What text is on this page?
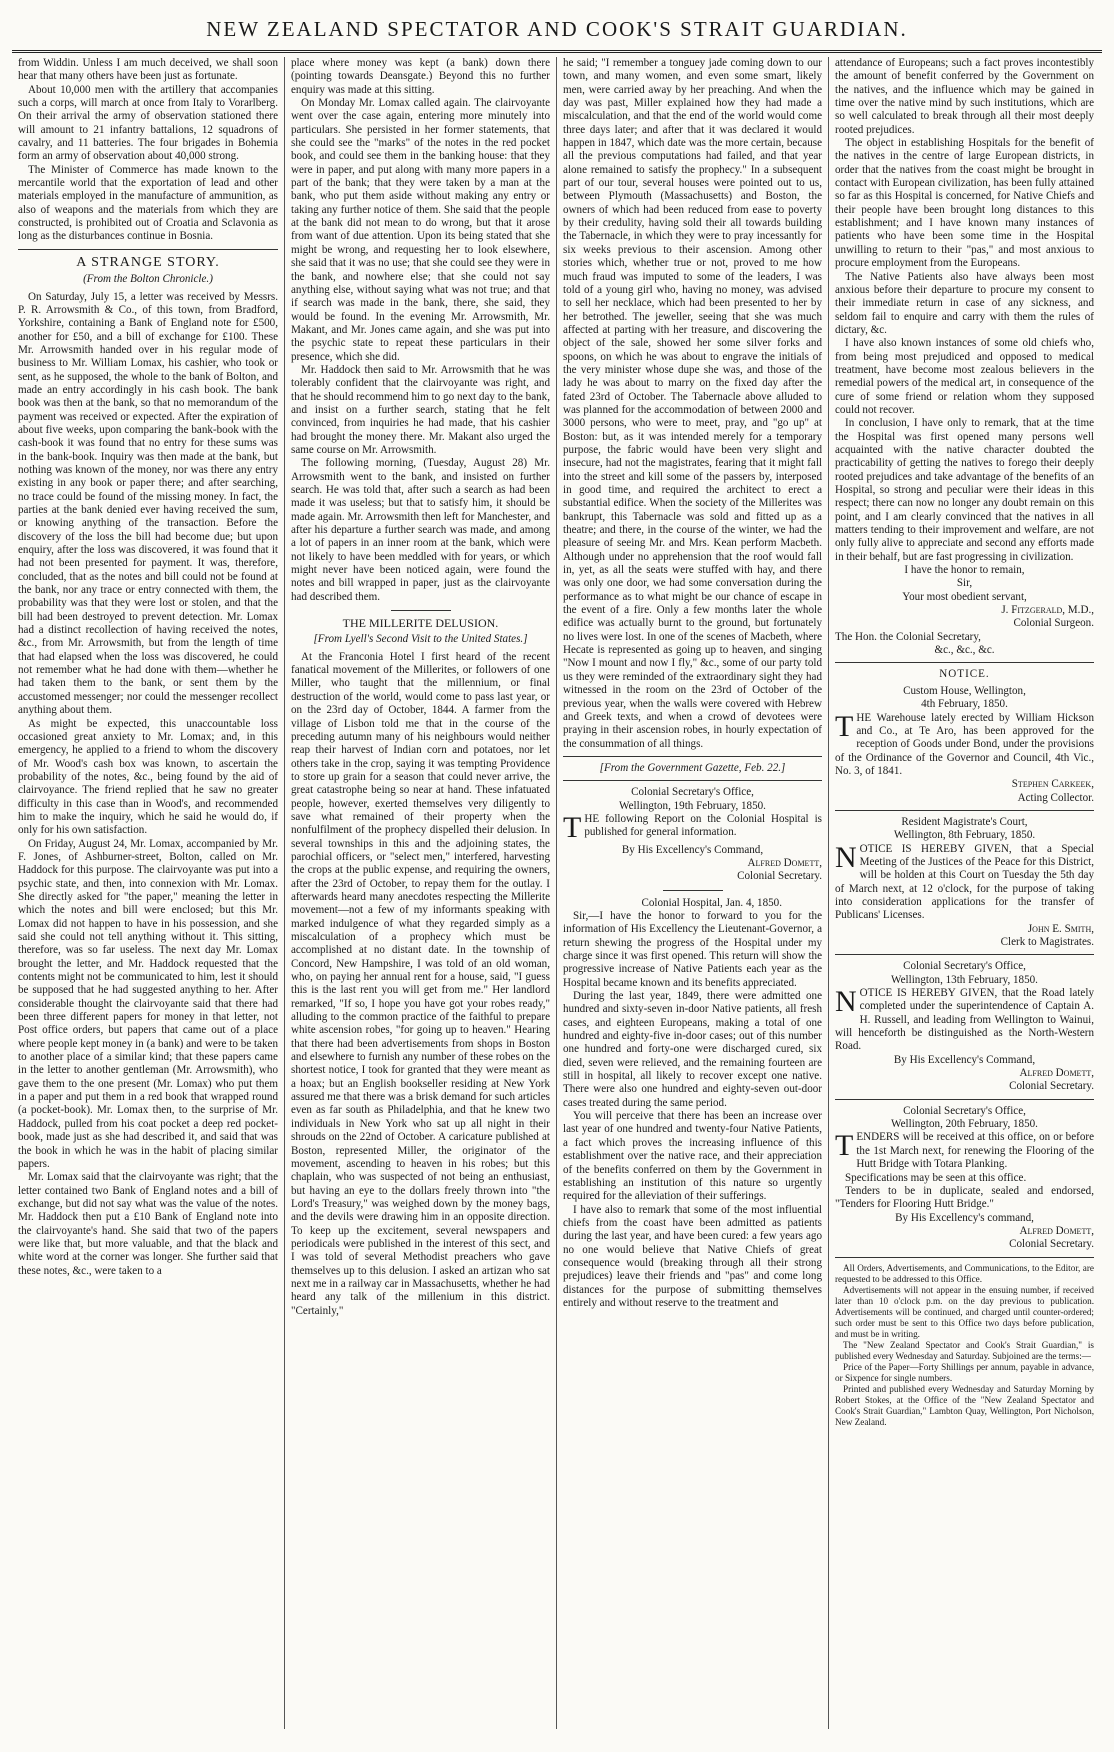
NEW ZEALAND SPECTATOR AND COOK'S STRAIT GUARDIAN.

from Widdin. Unless I am much deceived, we shall soon hear that many others have been just as fortunate.

About 10,000 men with the artillery that accompanies such a corps, will march at once from Italy to Vorarlberg. On their arrival the army of observation stationed there will amount to 21 infantry battalions, 12 squadrons of cavalry, and 11 batteries. The four brigades in Bohemia form an army of observation about 40,000 strong.

The Minister of Commerce has made known to the mercantile world that the exportation of lead and other materials employed in the manufacture of ammunition, as also of weapons and the materials from which they are constructed, is prohibited out of Croatia and Sclavonia as long as the disturbances continue in Bosnia.

A STRANGE STORY.
(From the Bolton Chronicle.)

On Saturday, July 15, a letter was received by Messrs. P. R. Arrowsmith & Co., of this town, from Bradford, Yorkshire, containing a Bank of England note for £500, another for £50, and a bill of exchange for £100. These Mr. Arrowsmith handed over in his regular mode of business to Mr. William Lomax, his cashier, who took or sent, as he supposed, the whole to the bank of Bolton, and made an entry accordingly in his cash book. The bank book was then at the bank, so that no memorandum of the payment was received or expected. After the expiration of about five weeks, upon comparing the bank-book with the cash-book it was found that no entry for these sums was in the bank-book. Inquiry was then made at the bank, but nothing was known of the money, nor was there any entry existing in any book or paper there; and after searching, no trace could be found of the missing money. In fact, the parties at the bank denied ever having received the sum, or knowing anything of the transaction. Before the discovery of the loss the bill had become due; but upon enquiry, after the loss was discovered, it was found that it had not been presented for payment. It was, therefore, concluded, that as the notes and bill could not be found at the bank, nor any trace or entry connected with them, the probability was that they were lost or stolen, and that the bill had been destroyed to prevent detection. Mr. Lomax had a distinct recollection of having received the notes, &c., from Mr. Arrowsmith, but from the length of time that had elapsed when the loss was discovered, he could not remember what he had done with them—whether he had taken them to the bank, or sent them by the accustomed messenger; nor could the messenger recollect anything about them.

As might be expected, this unaccountable loss occasioned great anxiety to Mr. Lomax; and, in this emergency, he applied to a friend to whom the discovery of Mr. Wood's cash box was known, to ascertain the probability of the notes, &c., being found by the aid of clairvoyance. The friend replied that he saw no greater difficulty in this case than in Wood's, and recommended him to make the inquiry, which he said he would do, if only for his own satisfaction.

On Friday, August 24, Mr. Lomax, accompanied by Mr. F. Jones, of Ashburner-street, Bolton, called on Mr. Haddock for this purpose. The clairvoyante was put into a psychic state, and then, into connexion with Mr. Lomax. She directly asked for "the paper," meaning the letter in which the notes and bill were enclosed; but this Mr. Lomax did not happen to have in his possession, and she said she could not tell anything without it. This sitting, therefore, was so far useless. The next day Mr. Lomax brought the letter, and Mr. Haddock requested that the contents might not be communicated to him, lest it should be supposed that he had suggested anything to her. After considerable thought the clairvoyante said that there had been three different papers for money in that letter, not Post office orders, but papers that came out of a place where people kept money in (a bank) and were to be taken to another place of a similar kind; that these papers came in the letter to another gentleman (Mr. Arrowsmith), who gave them to the one present (Mr. Lomax) who put them in a paper and put them in a red book that wrapped round (a pocket-book). Mr. Lomax then, to the surprise of Mr. Haddock, pulled from his coat pocket a deep red pocket-book, made just as she had described it, and said that was the book in which he was in the habit of placing similar papers.

Mr. Lomax said that the clairvoyante was right; that the letter contained two Bank of England notes and a bill of exchange, but did not say what was the value of the notes. Mr. Haddock then put a £10 Bank of England note into the clairvoyante's hand. She said that two of the papers were like that, but more valuable, and that the black and white word at the corner was longer. She further said that these notes, &c., were taken to a

place where money was kept (a bank) down there (pointing towards Deansgate.) Beyond this no further enquiry was made at this sitting.

On Monday Mr. Lomax called again. The clairvoyante went over the case again, entering more minutely into particulars. She persisted in her former statements, that she could see the "marks" of the notes in the red pocket book, and could see them in the banking house: that they were in paper, and put along with many more papers in a part of the bank; that they were taken by a man at the bank, who put them aside without making any entry or taking any further notice of them. She said that the people at the bank did not mean to do wrong, but that it arose from want of due attention. Upon its being stated that she might be wrong, and requesting her to look elsewhere, she said that it was no use; that she could see they were in the bank, and nowhere else; that she could not say anything else, without saying what was not true; and that if search was made in the bank, there, she said, they would be found. In the evening Mr. Arrowsmith, Mr. Makant, and Mr. Jones came again, and she was put into the psychic state to repeat these particulars in their presence, which she did.

Mr. Haddock then said to Mr. Arrowsmith that he was tolerably confident that the clairvoyante was right, and that he should recommend him to go next day to the bank, and insist on a further search, stating that he felt convinced, from inquiries he had made, that his cashier had brought the money there. Mr. Makant also urged the same course on Mr. Arrowsmith.

The following morning, (Tuesday, August 28) Mr. Arrowsmith went to the bank, and insisted on further search. He was told that, after such a search as had been made it was useless; but that to satisfy him, it should be made again. Mr. Arrowsmith then left for Manchester, and after his departure a further search was made, and among a lot of papers in an inner room at the bank, which were not likely to have been meddled with for years, or which might never have been noticed again, were found the notes and bill wrapped in paper, just as the clairvoyante had described them.

THE MILLERITE DELUSION.
[From Lyell's Second Visit to the United States.]

At the Franconia Hotel I first heard of the recent fanatical movement of the Millerites, or followers of one Miller, who taught that the millennium, or final destruction of the world, would come to pass last year, or on the 23rd day of October, 1844. A farmer from the village of Lisbon told me that in the course of the preceding autumn many of his neighbours would neither reap their harvest of Indian corn and potatoes, nor let others take in the crop, saying it was tempting Providence to store up grain for a season that could never arrive, the great catastrophe being so near at hand. These infatuated people, however, exerted themselves very diligently to save what remained of their property when the nonfulfilment of the prophecy dispelled their delusion. In several townships in this and the adjoining states, the parochial officers, or "select men," interfered, harvesting the crops at the public expense, and requiring the owners, after the 23rd of October, to repay them for the outlay. I afterwards heard many anecdotes respecting the Millerite movement—not a few of my informants speaking with marked indulgence of what they regarded simply as a miscalculation of a prophecy which must be accomplished at no distant date. In the township of Concord, New Hampshire, I was told of an old woman, who, on paying her annual rent for a house, said, "I guess this is the last rent you will get from me." Her landlord remarked, "If so, I hope you have got your robes ready," alluding to the common practice of the faithful to prepare white ascension robes, "for going up to heaven." Hearing that there had been advertisements from shops in Boston and elsewhere to furnish any number of these robes on the shortest notice, I took for granted that they were meant as a hoax; but an English bookseller residing at New York assured me that there was a brisk demand for such articles even as far south as Philadelphia, and that he knew two individuals in New York who sat up all night in their shrouds on the 22nd of October. A caricature published at Boston, represented Miller, the originator of the movement, ascending to heaven in his robes; but this chaplain, who was suspected of not being an enthusiast, but having an eye to the dollars freely thrown into "the Lord's Treasury," was weighed down by the money bags, and the devils were drawing him in an opposite direction. To keep up the excitement, several newspapers and periodicals were published in the interest of this sect, and I was told of several Methodist preachers who gave themselves up to this delusion. I asked an artizan who sat next me in a railway car in Massachusetts, whether he had heard any talk of the millenium in this district. "Certainly,"

he said; "I remember a tonguey jade coming down to our town, and many women, and even some smart, likely men, were carried away by her preaching. And when the day was past, Miller explained how they had made a miscalculation, and that the end of the world would come three days later; and after that it was declared it would happen in 1847, which date was the more certain, because all the previous computations had failed, and that year alone remained to satisfy the prophecy." In a subsequent part of our tour, several houses were pointed out to us, between Plymouth (Massachusetts) and Boston, the owners of which had been reduced from ease to poverty by their credulity, having sold their all towards building the Tabernacle, in which they were to pray incessantly for six weeks previous to their ascension. Among other stories which, whether true or not, proved to me how much fraud was imputed to some of the leaders, I was told of a young girl who, having no money, was advised to sell her necklace, which had been presented to her by her betrothed. The jeweller, seeing that she was much affected at parting with her treasure, and discovering the object of the sale, showed her some silver forks and spoons, on which he was about to engrave the initials of the very minister whose dupe she was, and those of the lady he was about to marry on the fixed day after the fated 23rd of October. The Tabernacle above alluded to was planned for the accommodation of between 2000 and 3000 persons, who were to meet, pray, and "go up" at Boston: but, as it was intended merely for a temporary purpose, the fabric would have been very slight and insecure, had not the magistrates, fearing that it might fall into the street and kill some of the passers by, interposed in good time, and required the architect to erect a substantial edifice. When the society of the Millerites was bankrupt, this Tabernacle was sold and fitted up as a theatre; and there, in the course of the winter, we had the pleasure of seeing Mr. and Mrs. Kean perform Macbeth. Although under no apprehension that the roof would fall in, yet, as all the seats were stuffed with hay, and there was only one door, we had some conversation during the performance as to what might be our chance of escape in the event of a fire. Only a few months later the whole edifice was actually burnt to the ground, but fortunately no lives were lost. In one of the scenes of Macbeth, where Hecate is represented as going up to heaven, and singing "Now I mount and now I fly," &c., some of our party told us they were reminded of the extraordinary sight they had witnessed in the room on the 23rd of October of the previous year, when the walls were covered with Hebrew and Greek texts, and when a crowd of devotees were praying in their ascension robes, in hourly expectation of the consummation of all things.

[From the Government Gazette, Feb. 22.]
Colonial Secretary's Office,
Wellington, 19th February, 1850.

THE following Report on the Colonial Hospital is published for general information.

By His Excellency's Command,
Alfred Domett,
Colonial Secretary.
Colonial Hospital, Jan. 4, 1850.

Sir,—I have the honor to forward to you for the information of His Excellency the Lieutenant-Governor, a return shewing the progress of the Hospital under my charge since it was first opened. This return will show the progressive increase of Native Patients each year as the Hospital became known and its benefits appreciated.

During the last year, 1849, there were admitted one hundred and sixty-seven in-door Native patients, all fresh cases, and eighteen Europeans, making a total of one hundred and eighty-five in-door cases; out of this number one hundred and forty-one were discharged cured, six died, seven were relieved, and the remaining fourteen are still in hospital, all likely to recover except one native. There were also one hundred and eighty-seven out-door cases treated during the same period.

You will perceive that there has been an increase over last year of one hundred and twenty-four Native Patients, a fact which proves the increasing influence of this establishment over the native race, and their appreciation of the benefits conferred on them by the Government in establishing an institution of this nature so urgently required for the alleviation of their sufferings.

I have also to remark that some of the most influential chiefs from the coast have been admitted as patients during the last year, and have been cured: a few years ago no one would believe that Native Chiefs of great consequence would (breaking through all their strong prejudices) leave their friends and "pas" and come long distances for the purpose of submitting themselves entirely and without reserve to the treatment and

attendance of Europeans; such a fact proves incontestibly the amount of benefit conferred by the Government on the natives, and the influence which may be gained in time over the native mind by such institutions, which are so well calculated to break through all their most deeply rooted prejudices.

The object in establishing Hospitals for the benefit of the natives in the centre of large European districts, in order that the natives from the coast might be brought in contact with European civilization, has been fully attained so far as this Hospital is concerned, for Native Chiefs and their people have been brought long distances to this establishment; and I have known many instances of patients who have been some time in the Hospital unwilling to return to their "pas," and most anxious to procure employment from the Europeans.

The Native Patients also have always been most anxious before their departure to procure my consent to their immediate return in case of any sickness, and seldom fail to enquire and carry with them the rules of dictary, &c.

I have also known instances of some old chiefs who, from being most prejudiced and opposed to medical treatment, have become most zealous believers in the remedial powers of the medical art, in consequence of the cure of some friend or relation whom they supposed could not recover.

In conclusion, I have only to remark, that at the time the Hospital was first opened many persons well acquainted with the native character doubted the practicability of getting the natives to forego their deeply rooted prejudices and take advantage of the benefits of an Hospital, so strong and peculiar were their ideas in this respect; there can now no longer any doubt remain on this point, and I am clearly convinced that the natives in all matters tending to their improvement and welfare, are not only fully alive to appreciate and second any efforts made in their behalf, but are fast progressing in civilization.

I have the honor to remain,
Sir,
Your most obedient servant,
J. Fitzgerald, M.D.,
Colonial Surgeon.
The Hon. the Colonial Secretary,
&c., &c., &c.
NOTICE.
Custom House, Wellington,
4th February, 1850.

THE Warehouse lately erected by William Hickson and Co., at Te Aro, has been approved for the reception of Goods under Bond, under the provisions of the Ordinance of the Governor and Council, 4th Vic., No. 3, of 1841.

Stephen Carkeek,
Acting Collector.
Resident Magistrate's Court,
Wellington, 8th February, 1850.

NOTICE IS HEREBY GIVEN, that a Special Meeting of the Justices of the Peace for this District, will be holden at this Court on Tuesday the 5th day of March next, at 12 o'clock, for the purpose of taking into consideration applications for the transfer of Publicans' Licenses.

John E. Smith,
Clerk to Magistrates.
Colonial Secretary's Office,
Wellington, 13th February, 1850.

NOTICE IS HEREBY GIVEN, that the Road lately completed under the superintendence of Captain A. H. Russell, and leading from Wellington to Wainui, will henceforth be distinguished as the North-Western Road.

By His Excellency's Command,
Alfred Domett,
Colonial Secretary.
Colonial Secretary's Office,
Wellington, 20th February, 1850.

TENDERS will be received at this office, on or before the 1st March next, for renewing the Flooring of the Hutt Bridge with Totara Planking.

Specifications may be seen at this office.

Tenders to be in duplicate, sealed and endorsed, "Tenders for Flooring Hutt Bridge."

By His Excellency's command,
Alfred Domett,
Colonial Secretary.

All Orders, Advertisements, and Communications, to the Editor, are requested to be addressed to this Office.

Advertisements will not appear in the ensuing number, if received later than 10 o'clock p.m. on the day previous to publication. Advertisements will be continued, and charged until counter-ordered; such order must be sent to this Office two days before publication, and must be in writing.

The "New Zealand Spectator and Cook's Strait Guardian," is published every Wednesday and Saturday. Subjoined are the terms:—

Price of the Paper—Forty Shillings per annum, payable in advance, or Sixpence for single numbers.

Printed and published every Wednesday and Saturday Morning by Robert Stokes, at the Office of the "New Zealand Spectator and Cook's Strait Guardian," Lambton Quay, Wellington, Port Nicholson, New Zealand.
